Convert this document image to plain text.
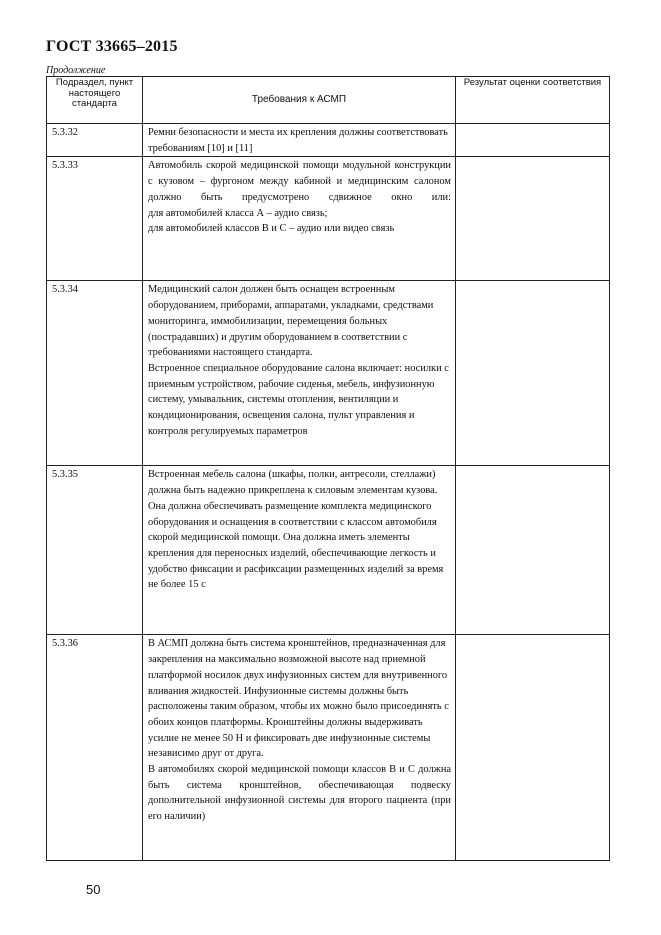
ГОСТ 33665–2015
Продолжение
Подраздел, пункт настоящего стандарта	Требования к АСМП	Результат оценки соответствия
5.3.32	Ремни безопасности и места их крепления должны соответствовать требованиям [10] и [11]	

5.3.33	Автомобиль скорой медицинской помощи модульной конструкции с кузовом – фургоном между кабиной и медицинским салоном должно быть предусмотрено сдвижное окно или:

для автомобилей класса А – аудио связь;

для автомобилей классов В и С – аудио или видео связь	

5.3.34	Медицинский салон должен быть оснащен встроенным оборудованием, приборами, аппаратами, укладками, средствами мониторинга, иммобилизации, перемещения больных (пострадавших) и другим оборудованием в соответствии с требованиями настоящего стандарта.

Встроенное специальное оборудование салона включает: носилки с приемным устройством, рабочие сиденья, мебель, инфузионную систему, умывальник, системы отопления, вентиляции и кондиционирования, освещения салона, пульт управления и контроля регулируемых параметров	

5.3.35	Встроенная мебель салона (шкафы, полки, антресоли, стеллажи) должна быть надежно прикреплена к силовым элементам кузова. Она должна обеспечивать размещение комплекта медицинского оборудования и оснащения в соответствии с классом автомобиля скорой медицинской помощи. Она должна иметь элементы крепления для переносных изделий, обеспечивающие легкость и удобство фиксации и расфиксации размещенных изделий за время не более 15 с	

5.3.36	В АСМП должна быть система кронштейнов, предназначенная для закрепления на максимально возможной высоте над приемной платформой носилок двух инфузионных систем для внутривенного вливания жидкостей. Инфузионные системы должны быть расположены таким образом, чтобы их можно было присоединять с обоих концов платформы. Кронштейны должны выдерживать усилие не менее 50 Н и фиксировать две инфузионные системы независимо друг от друга.

В автомобилях скорой медицинской помощи классов В и С должна быть система кронштейнов, обеспечивающая подвеску дополнительной инфузионной системы для второго пациента (при его наличии)	

50
